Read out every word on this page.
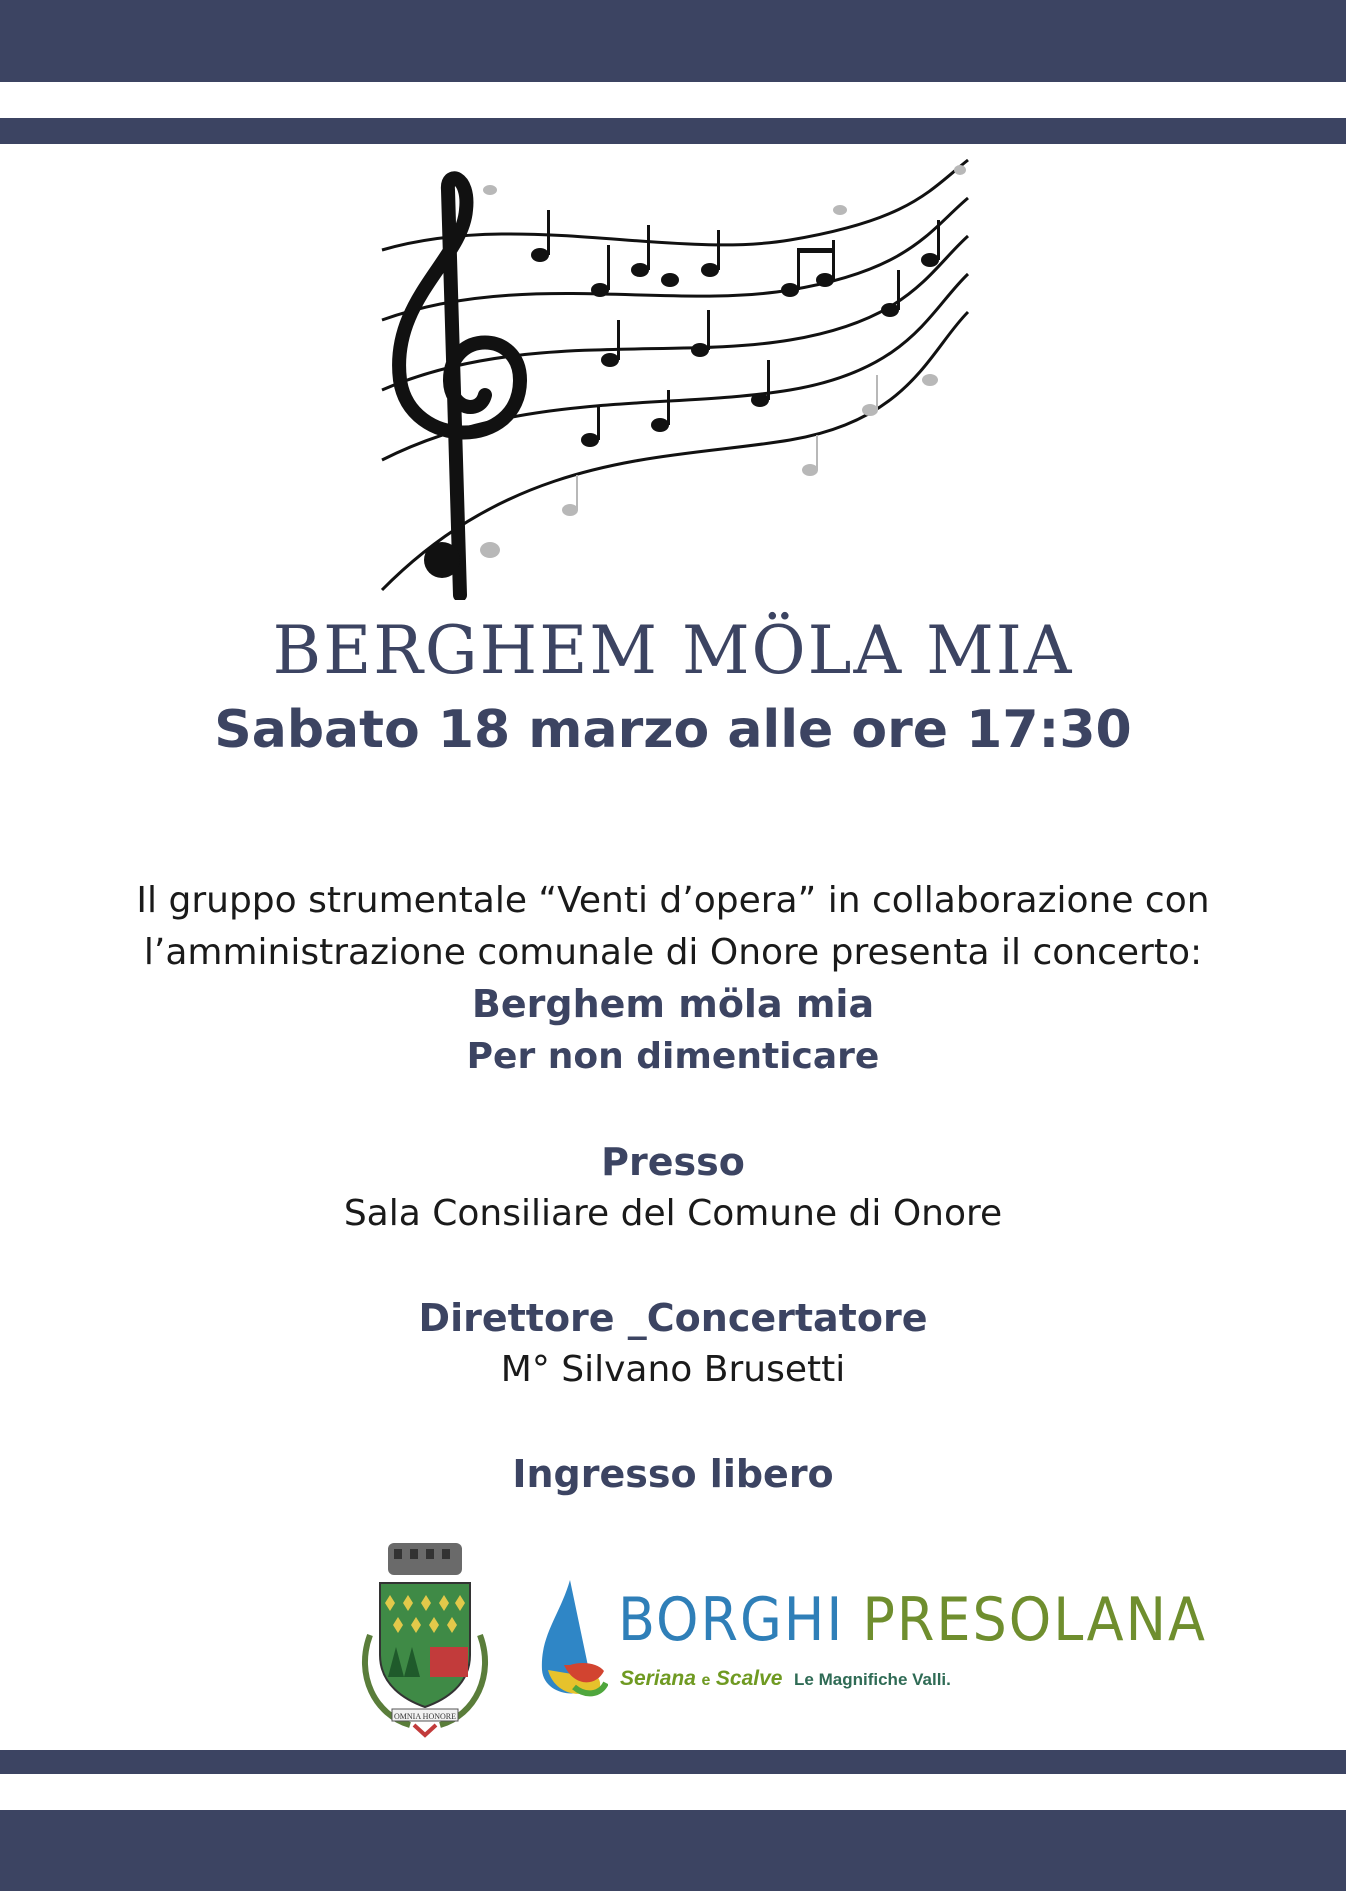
BERGHEM MÖLA MIA
Sabato 18 marzo alle ore 17:30
Il gruppo strumentale “Venti d’opera” in collaborazione con
l’amministrazione comunale di Onore presenta il concerto:
Berghem möla mia
Per non dimenticare
Presso
Sala Consiliare del Comune di Onore
Direttore _Concertatore
M° Silvano Brusetti
Ingresso libero
OMNIA HONORE
BORGHI PRESOLANA
Seriana e Scalve Le Magnifiche Valli.
